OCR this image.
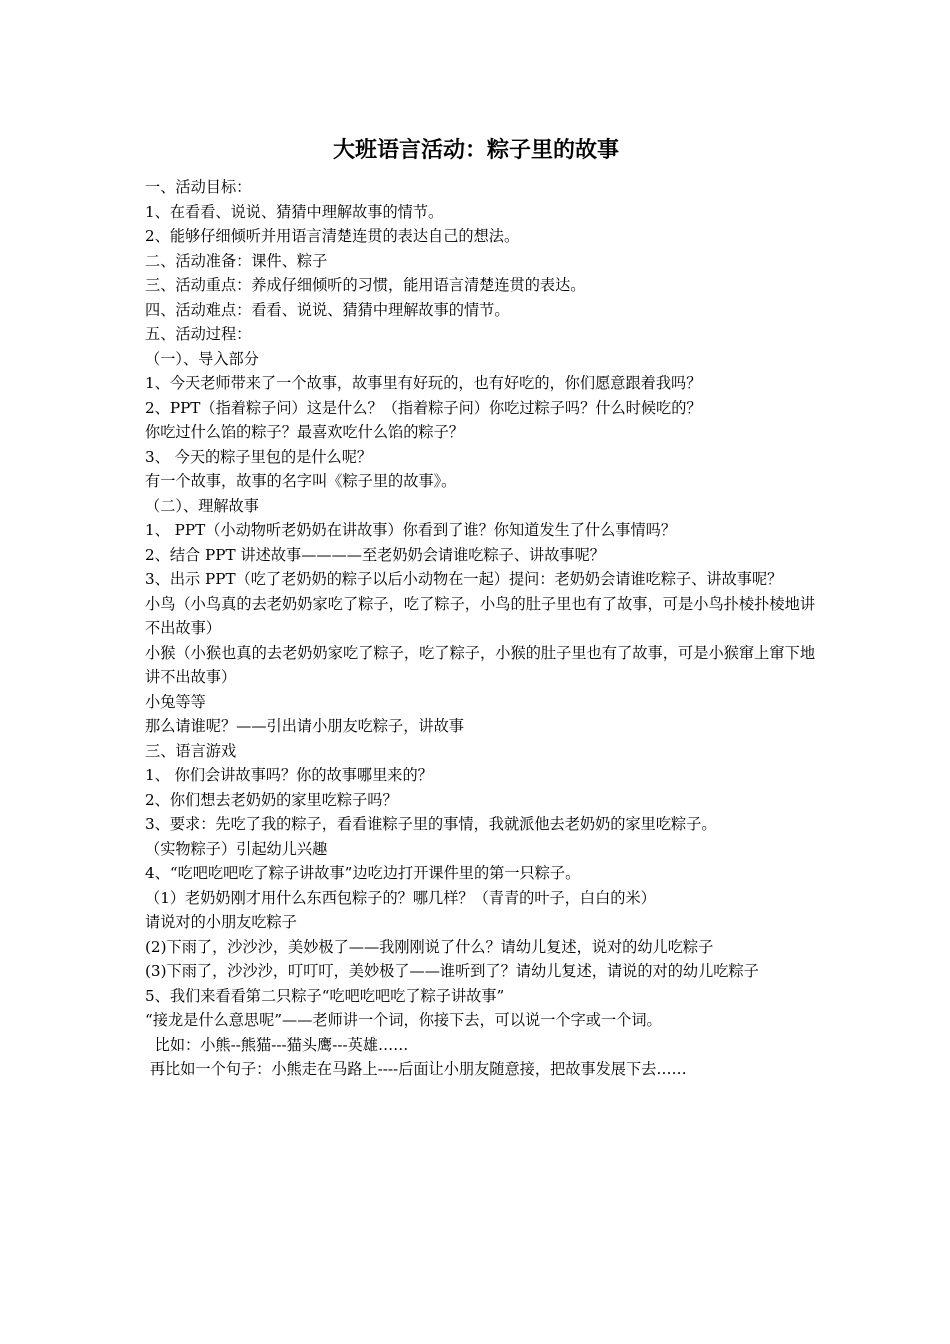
大班语言活动：粽子里的故事
一、活动目标：
1、在看看、说说、猜猜中理解故事的情节。
2、能够仔细倾听并用语言清楚连贯的表达自己的想法。
二、活动准备：课件、粽子
三、活动重点：养成仔细倾听的习惯，能用语言清楚连贯的表达。
四、活动难点：看看、说说、猜猜中理解故事的情节。
五、活动过程：
（一）、导入部分
1、今天老师带来了一个故事，故事里有好玩的，也有好吃的，你们愿意跟着我吗？
2、PPT（指着粽子问）这是什么？（指着粽子问）你吃过粽子吗？什么时候吃的？
你吃过什么馅的粽子？最喜欢吃什么馅的粽子？
3、 今天的粽子里包的是什么呢？
有一个故事，故事的名字叫《粽子里的故事》。
（二）、理解故事
1、 PPT（小动物听老奶奶在讲故事）你看到了谁？你知道发生了什么事情吗？
2、结合 PPT 讲述故事————至老奶奶会请谁吃粽子、讲故事呢？
3、出示 PPT（吃了老奶奶的粽子以后小动物在一起）提问：老奶奶会请谁吃粽子、讲故事呢？
小鸟（小鸟真的去老奶奶家吃了粽子，吃了粽子，小鸟的肚子里也有了故事，可是小鸟扑棱扑棱地讲不出故事）
小猴（小猴也真的去老奶奶家吃了粽子，吃了粽子，小猴的肚子里也有了故事，可是小猴窜上窜下地讲不出故事）
小兔等等
那么请谁呢？——引出请小朋友吃粽子，讲故事
三、语言游戏
1、 你们会讲故事吗？你的故事哪里来的？
2、你们想去老奶奶的家里吃粽子吗？
3、要求：先吃了我的粽子，看看谁粽子里的事情，我就派他去老奶奶的家里吃粽子。
（实物粽子）引起幼儿兴趣
4、“吃吧吃吧吃了粽子讲故事”边吃边打开课件里的第一只粽子。
（1）老奶奶刚才用什么东西包粽子的？哪几样？（青青的叶子，白白的米）
请说对的小朋友吃粽子
(2)下雨了，沙沙沙，美妙极了——我刚刚说了什么？请幼儿复述，说对的幼儿吃粽子
(3)下雨了，沙沙沙，叮叮叮，美妙极了——谁听到了？请幼儿复述，请说的对的幼儿吃粽子
5、我们来看看第二只粽子“吃吧吃吧吃了粽子讲故事”
“接龙是什么意思呢”——老师讲一个词，你接下去，可以说一个字或一个词。
比如：小熊--熊猫---猫头鹰---英雄……
再比如一个句子：小熊走在马路上----后面让小朋友随意接，把故事发展下去……
